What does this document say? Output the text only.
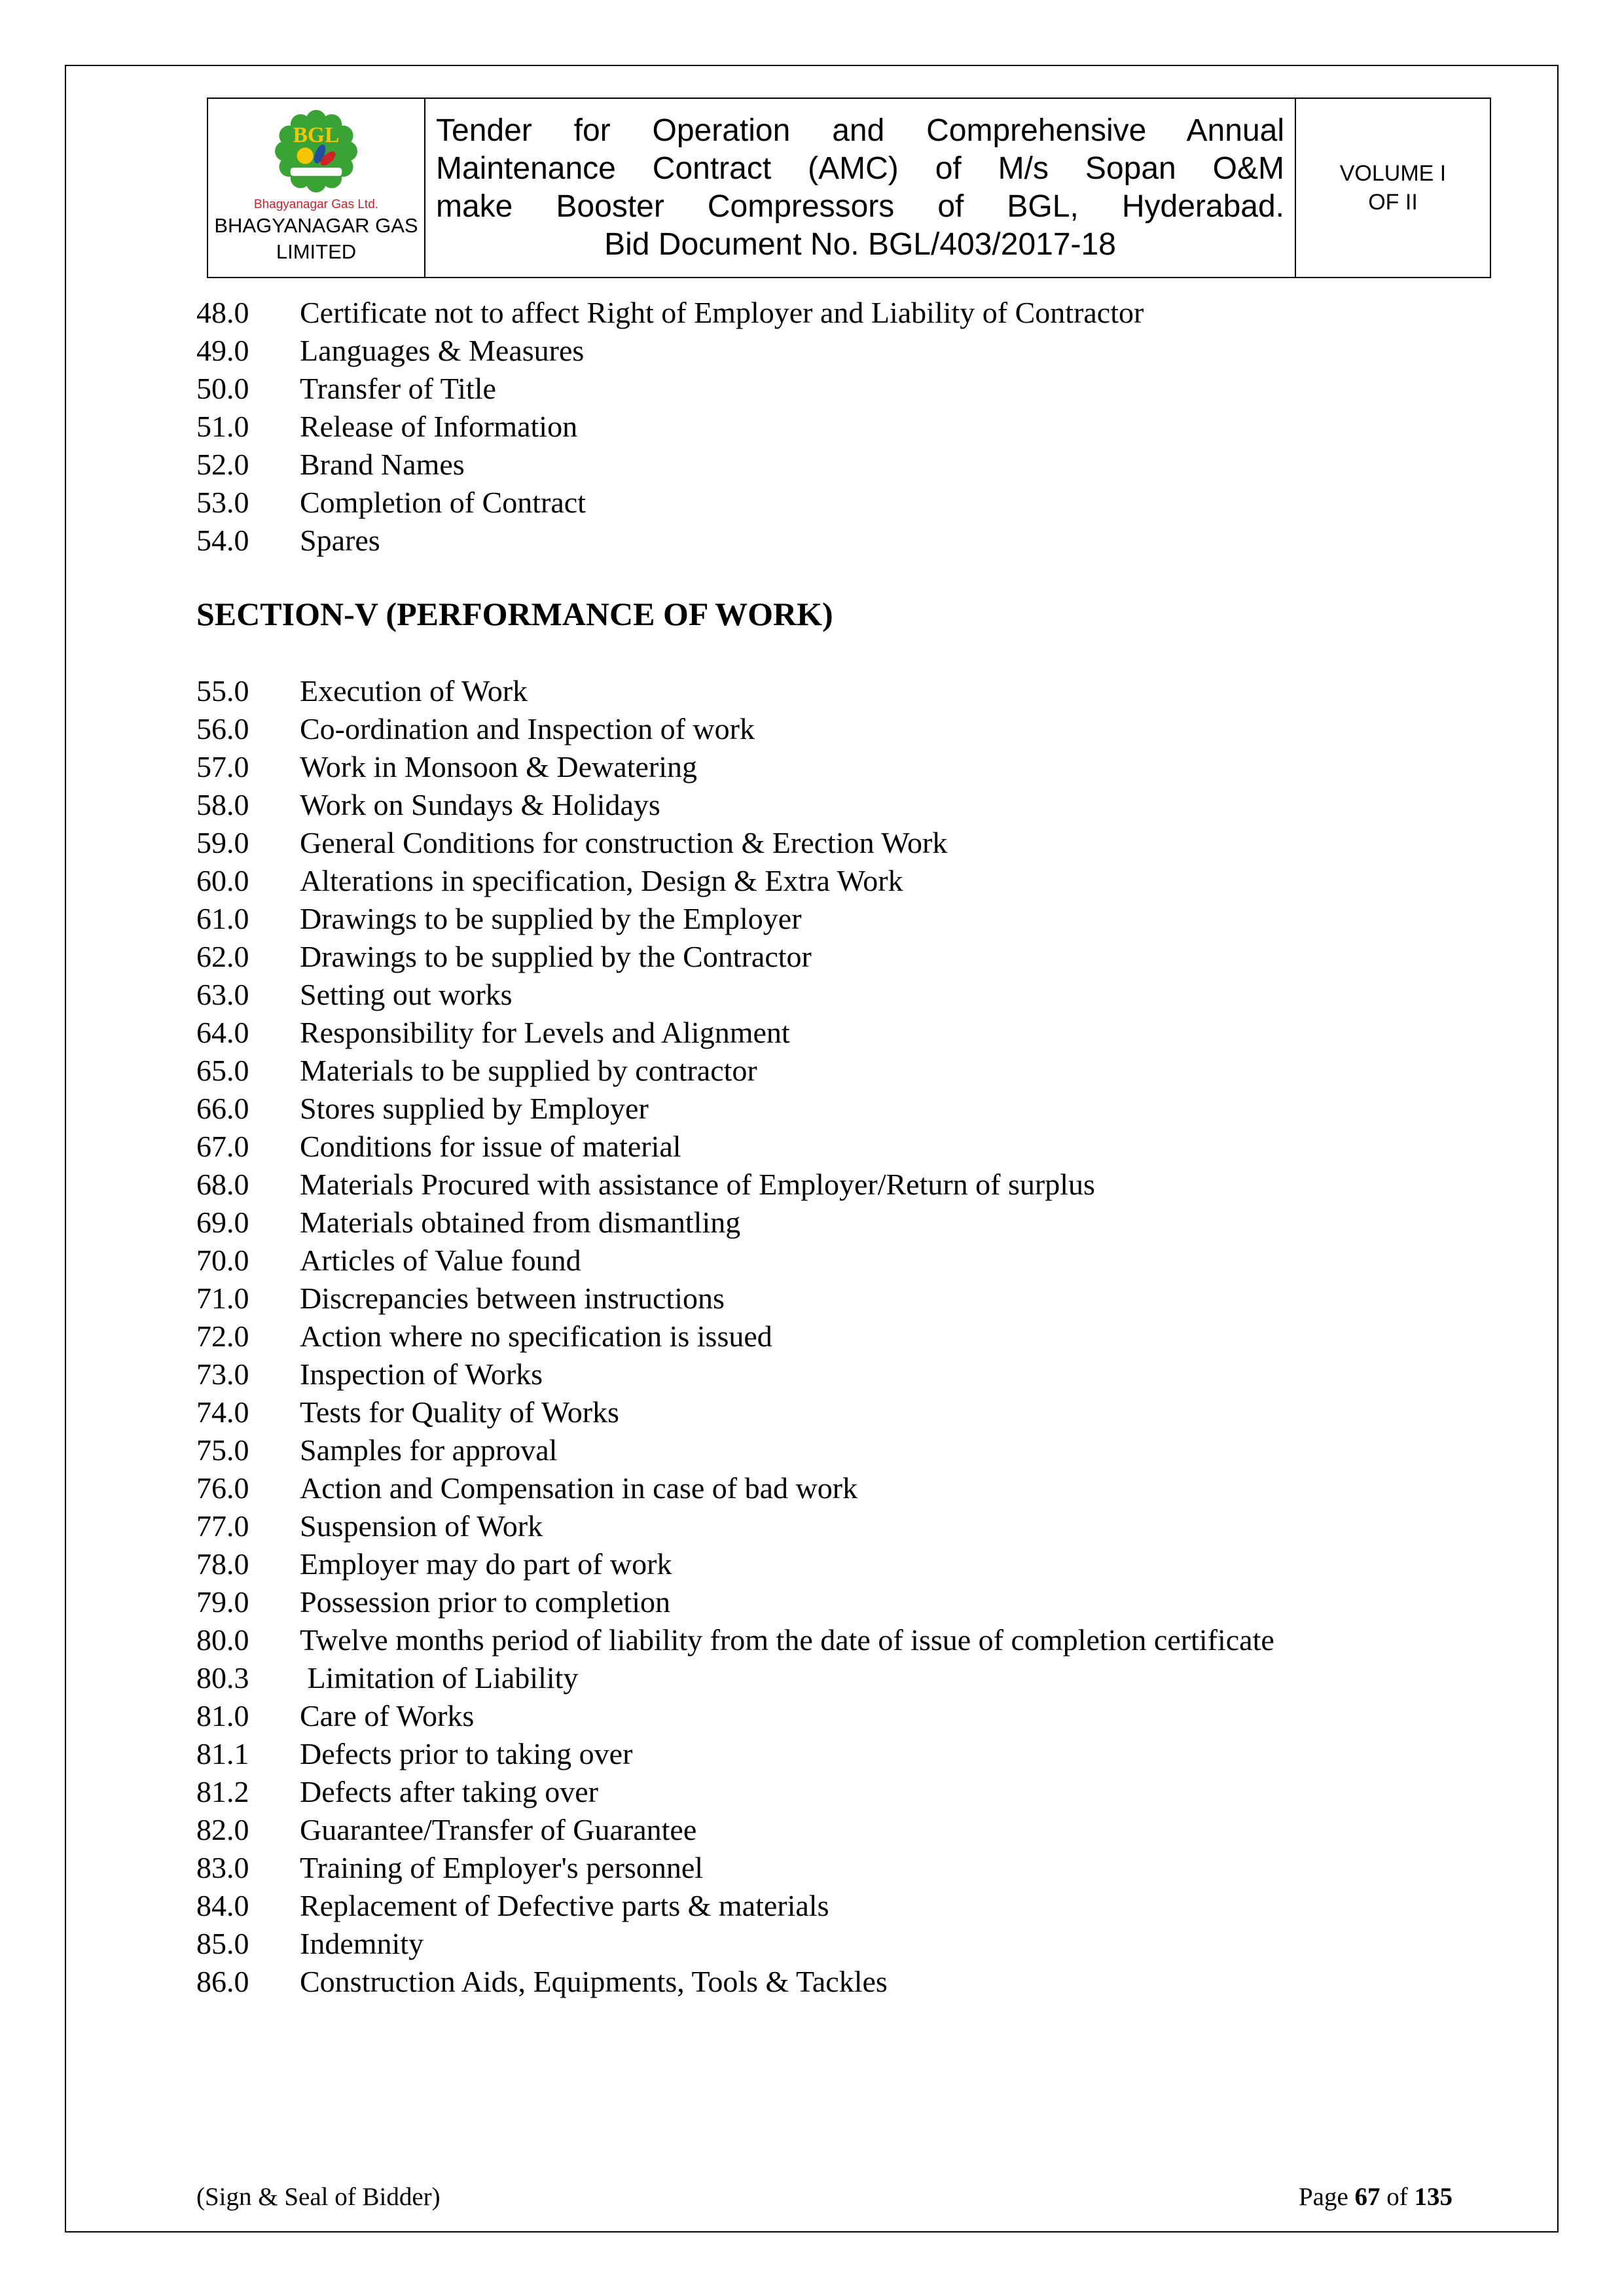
BGL
Bhagyanagar Gas Ltd.
BHAGYANAGAR GAS
LIMITED
Tender for Operation and Comprehensive Annual
Maintenance Contract (AMC) of M/s Sopan O&M
make Booster Compressors of BGL, Hyderabad.
Bid Document No. BGL/403/2017-18
VOLUME I
OF II
48.0	Certificate not to affect Right of Employer and Liability of Contractor
49.0	Languages & Measures
50.0	Transfer of Title
51.0	Release of Information
52.0	Brand Names
53.0	Completion of Contract
54.0	Spares
SECTION-V (PERFORMANCE OF WORK)
55.0	Execution of Work
56.0	Co-ordination and Inspection of work
57.0	Work in Monsoon & Dewatering
58.0	Work on Sundays & Holidays
59.0	General Conditions for construction & Erection Work
60.0	Alterations in specification, Design & Extra Work
61.0	Drawings to be supplied by the Employer
62.0	Drawings to be supplied by the Contractor
63.0	Setting out works
64.0	Responsibility for Levels and Alignment
65.0	Materials to be supplied by contractor
66.0	Stores supplied by Employer
67.0	Conditions for issue of material
68.0	Materials Procured with assistance of Employer/Return of surplus
69.0	Materials obtained from dismantling
70.0	Articles of Value found
71.0	Discrepancies between instructions
72.0	Action where no specification is issued
73.0	Inspection of Works
74.0	Tests for Quality of Works
75.0	Samples for approval
76.0	Action and Compensation in case of bad work
77.0	Suspension of Work
78.0	Employer may do part of work
79.0	Possession prior to completion
80.0	Twelve months period of liability from the date of issue of completion certificate
80.3	Limitation of Liability
81.0	Care of Works
81.1	Defects prior to taking over
81.2	Defects after taking over
82.0	Guarantee/Transfer of Guarantee
83.0	Training of Employer's personnel
84.0	Replacement of Defective parts & materials
85.0	Indemnity
86.0	Construction Aids, Equipments, Tools & Tackles
(Sign & Seal of Bidder)	Page 67 of 135
